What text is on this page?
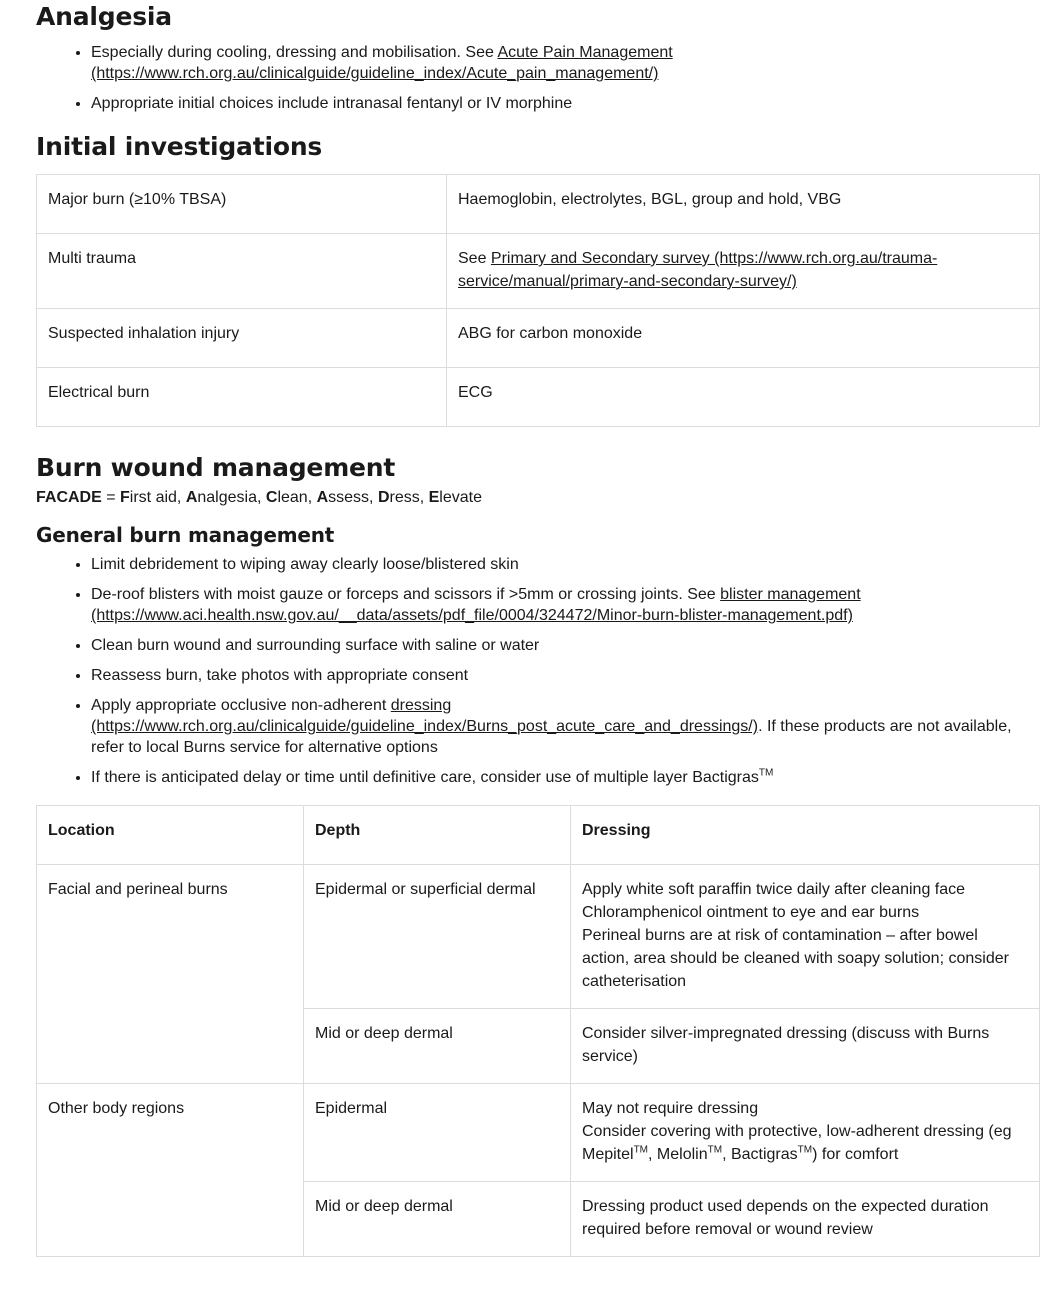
Analgesia
• Especially during cooling, dressing and mobilisation. See Acute Pain Management
(https://www.rch.org.au/clinicalguide/guideline_index/Acute_pain_management/)
• Appropriate initial choices include intranasal fentanyl or IV morphine
Initial investigations
Major burn (≥10% TBSA)	Haemoglobin, electrolytes, BGL, group and hold, VBG
Multi trauma	See Primary and Secondary survey (https://www.rch.org.au/trauma-
service/manual/primary-and-secondary-survey/)

Suspected inhalation injury	ABG for carbon monoxide
Electrical burn	ECG
Burn wound management

FACADE = First aid, Analgesia, Clean, Assess, Dress, Elevate

General burn management
• Limit debridement to wiping away clearly loose/blistered skin
• De-roof blisters with moist gauze or forceps and scissors if >5mm or crossing joints. See blister management
(https://www.aci.health.nsw.gov.au/__data/assets/pdf_file/0004/324472/Minor-burn-blister-management.pdf)
• Clean burn wound and surrounding surface with saline or water
• Reassess burn, take photos with appropriate consent
• Apply appropriate occlusive non-adherent dressing
(https://www.rch.org.au/clinicalguide/guideline_index/Burns_post_acute_care_and_dressings/). If these products are not available, refer to local Burns service for alternative options
• If there is anticipated delay or time until definitive care, consider use of multiple layer Bactigras™
Location	Depth	Dressing
Facial and perineal burns	Epidermal or superficial dermal	Apply white soft paraffin twice daily after cleaning face
Chloramphenicol ointment to eye and ear burns
Perineal burns are at risk of contamination – after bowel action, area should be cleaned with soapy solution; consider catheterisation

	Mid or deep dermal	Consider silver-impregnated dressing (discuss with Burns service)
Other body regions	Epidermal	May not require dressing
Consider covering with protective, low-adherent dressing (eg Mepitel™, Melolin™, Bactigras™) for comfort

	Mid or deep dermal	Dressing product used depends on the expected duration required before removal or wound review
